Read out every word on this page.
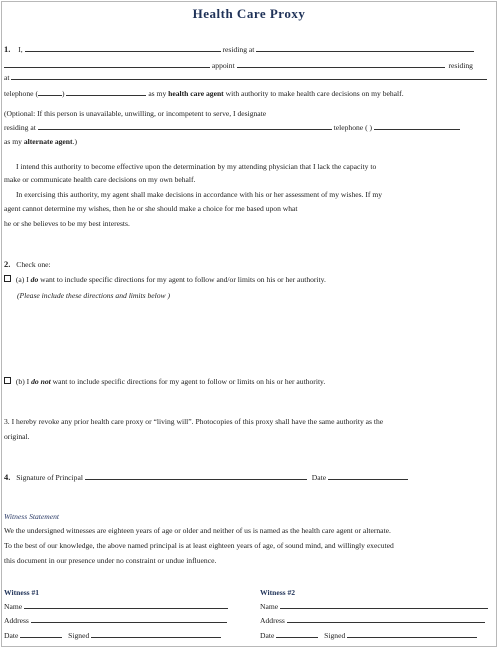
Health Care Proxy
1. I,	residing at
appoint	residing
at
telephone (	)	as my health care agent with authority to make health care decisions on my behalf.
(Optional: If this person is unavailable, unwilling, or incompetent to serve, I designate
residing at	telephone ( )
as my alternate agent.)
I intend this authority to become effective upon the determination by my attending physician that I lack the capacity to
make or communicate health care decisions on my own behalf.
In exercising this authority, my agent shall make decisions in accordance with his or her assessment of my wishes. If my
agent cannot determine my wishes, then he or she should make a choice for me based upon what
he or she believes to be my best interests.
2. Check one:
(a) I do want to include specific directions for my agent to follow and/or limits on his or her authority.
(Please include these directions and limits below )
(b) I do not want to include specific directions for my agent to follow or limits on his or her authority.
3. I hereby revoke any prior health care proxy or “living will”. Photocopies of this proxy shall have the same authority as the
original.
4. Signature of Principal	Date
Witness Statement
We the undersigned witnesses are eighteen years of age or older and neither of us is named as the health care agent or alternate.
To the best of our knowledge, the above named principal is at least eighteen years of age, of sound mind, and willingly executed
this document in our presence under no constraint or undue influence.
Witness #1
Name
Address
Date	Signed
Witness #2
Name
Address
Date	Signed
